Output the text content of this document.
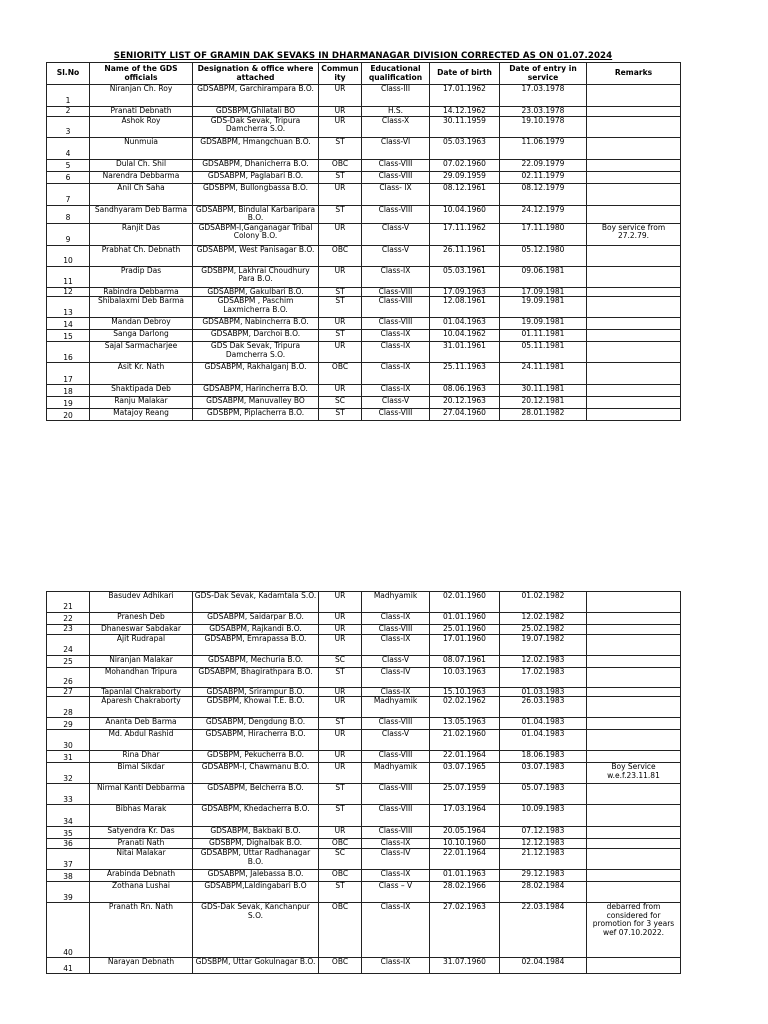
SENIORITY LIST OF GRAMIN DAK SEVAKS IN DHARMANAGAR DIVISION CORRECTED AS ON 01.07.2024
Sl.No	Name of the GDS officials	Designation & office where attached	Community	Educational qualification	Date of birth	Date of entry in service	Remarks
1	Niranjan Ch. Roy	GDSABPM, Garchirampara B.O.	UR	Class-III	17.01.1962	17.03.1978	
2	Pranati Debnath	GDSBPM,Ghilatali BO	UR	H.S.	14.12.1962	23.03.1978	
3	Ashok Roy	GDS-Dak Sevak, Tripura Damcherra S.O.	UR	Class-X	30.11.1959	19.10.1978	
4	Nunmuia	GDSABPM, Hmangchuan B.O.	ST	Class-VI	05.03.1963	11.06.1979	
5	Dulal Ch. Shil	GDSABPM, Dhanicherra B.O.	OBC	Class-VIII	07.02.1960	22.09.1979	
6	Narendra Debbarma	GDSABPM, Paglabari B.O.	ST	Class-VIII	29.09.1959	02.11.1979	
7	Anil Ch Saha	GDSBPM, Bullongbassa B.O.	UR	Class- IX	08.12.1961	08.12.1979	
8	Sandhyaram Deb Barma	GDSABPM, Bindulal Karbaripara B.O.	ST	Class-VIII	10.04.1960	24.12.1979	
9	Ranjit Das	GDSABPM-I,Ganganagar Tribal Colony B.O.	UR	Class-V	17.11.1962	17.11.1980	Boy service from 27.2.79.
10	Prabhat Ch. Debnath	GDSABPM, West Panisagar B.O.	OBC	Class-V	26.11.1961	05.12.1980	
11	Pradip Das	GDSBPM, Lakhrai Choudhury Para B.O.	UR	Class-IX	05.03.1961	09.06.1981	
12	Rabindra Debbarma	GDSABPM, Gakulbari B.O.	ST	Class-VIII	17.09.1963	17.09.1981	
13	Shibalaxmi Deb Barma	GDSABPM , Paschim Laxmicherra B.O.	ST	Class-VIII	12.08.1961	19.09.1981	
14	Mandan Debroy	GDSABPM, Nabincherra B.O.	UR	Class-VIII	01.04.1963	19.09.1981	
15	Sanga Darlong	GDSABPM, Darchoi B.O.	ST	Class-IX	10.04.1962	01.11.1981	
16	Sajal Sarmacharjee	GDS Dak Sevak, Tripura Damcherra S.O.	UR	Class-IX	31.01.1961	05.11.1981	
17	Asit Kr. Nath	GDSABPM, Rakhalganj B.O.	OBC	Class-IX	25.11.1963	24.11.1981	
18	Shaktipada Deb	GDSABPM, Harincherra B.O.	UR	Class-IX	08.06.1963	30.11.1981	
19	Ranju Malakar	GDSABPM, Manuvalley BO	SC	Class-V	20.12.1963	20.12.1981	
20	Matajoy Reang	GDSBPM, Piplacherra B.O.	ST	Class-VIII	27.04.1960	28.01.1982	
21	Basudev Adhikari	GDS-Dak Sevak, Kadamtala S.O.	UR	Madhyamik	02.01.1960	01.02.1982	
22	Pranesh Deb	GDSABPM, Saidarpar B.O.	UR	Class-IX	01.01.1960	12.02.1982	
23	Dhaneswar Sabdakar	GDSABPM, Rajkandi B.O.	UR	Class-VIII	25.01.1960	25.02.1982	
24	Ajit Rudrapal	GDSABPM, Emrapassa B.O.	UR	Class-IX	17.01.1960	19.07.1982	
25	Niranjan Malakar	GDSABPM, Mechuria B.O.	SC	Class-V	08.07.1961	12.02.1983	
26	Mohandhan Tripura	GDSABPM, Bhagirathpara B.O.	ST	Class-IV	10.03.1963	17.02.1983	
27	Tapanlal Chakraborty	GDSABPM, Srirampur B.O.	UR	Class-IX	15.10.1963	01.03.1983	
28	Aparesh Chakraborty	GDSBPM, Khowai T.E. B.O.	UR	Madhyamik	02.02.1962	26.03.1983	
29	Ananta Deb Barma	GDSABPM, Dengdung B.O.	ST	Class-VIII	13.05.1963	01.04.1983	
30	Md. Abdul Rashid	GDSABPM, Hiracherra B.O.	UR	Class-V	21.02.1960	01.04.1983	
31	Rina Dhar	GDSBPM, Pekucherra B.O.	UR	Class-VIII	22.01.1964	18.06.1983	
32	Bimal Sikdar	GDSABPM-I, Chawmanu B.O.	UR	Madhyamik	03.07.1965	03.07.1983	Boy Service w.e.f.23.11.81
33	Nirmal Kanti Debbarma	GDSABPM, Belcherra B.O.	ST	Class-VIII	25.07.1959	05.07.1983	
34	Bibhas Marak	GDSABPM, Khedacherra B.O.	ST	Class-VIII	17.03.1964	10.09.1983	
35	Satyendra Kr. Das	GDSABPM, Bakbaki B.O.	UR	Class-VIII	20.05.1964	07.12.1983	
36	Pranati Nath	GDSBPM, Dighalbak B.O.	OBC	Class-IX	10.10.1960	12.12.1983	
37	Nitai Malakar	GDSABPM, Uttar Radhanagar B.O.	SC	Class-IV	22.01.1964	21.12.1983	
38	Arabinda Debnath	GDSABPM, Jalebassa B.O.	OBC	Class-IX	01.01.1963	29.12.1983	
39	Zothana Lushai	GDSABPM,Laldingabari B.O	ST	Class – V	28.02.1966	28.02.1984	
40	Pranath Rn. Nath	GDS-Dak Sevak, Kanchanpur S.O.	OBC	Class-IX	27.02.1963	22.03.1984	debarred from considered for promotion for 3 years wef 07.10.2022.
41	Narayan Debnath	GDSBPM, Uttar Gokulnagar B.O.	OBC	Class-IX	31.07.1960	02.04.1984	
